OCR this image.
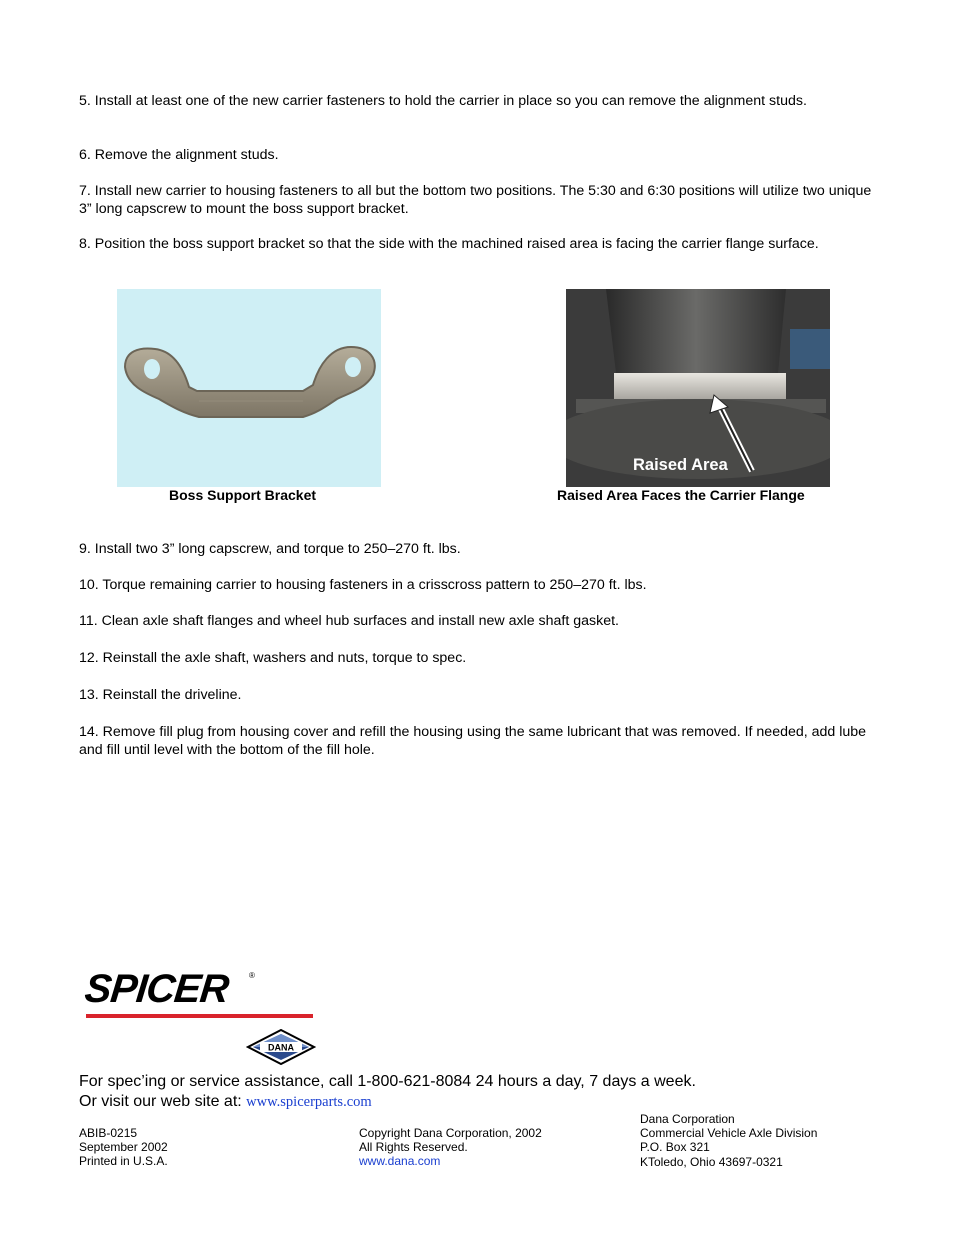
5. Install at least one of the new carrier fasteners to hold the carrier in place so you can remove the alignment studs.
6. Remove the alignment studs.
7. Install new carrier to housing fasteners to all but the bottom two positions. The 5:30 and 6:30 positions will utilize two unique 3” long capscrew to mount the boss support bracket.
8. Position the boss support bracket so that the side with the machined raised area is facing the carrier flange surface.
Boss Support Bracket
Raised Area
Raised Area Faces the Carrier Flange
9. Install two 3” long capscrew, and torque to 250–270 ft. lbs.
10. Torque remaining carrier to housing fasteners in a crisscross pattern to 250–270 ft. lbs.
11. Clean axle shaft flanges and wheel hub surfaces and install new axle shaft gasket.
12. Reinstall the axle shaft, washers and nuts, torque to spec.
13. Reinstall the driveline.
14. Remove fill plug from housing cover and refill the housing using the same lubricant that was removed. If needed, add lube and fill until level with the bottom of the fill hole.
SPICER ®
DANA
For spec’ing or service assistance, call 1-800-621-8084 24 hours a day, 7 days a week.
Or visit our web site at: www.spicerparts.com
ABIB-0215
September 2002
Printed in U.S.A.
Copyright Dana Corporation, 2002
All Rights Reserved.
www.dana.com
Dana Corporation
Commercial Vehicle Axle Division
P.O. Box 321
KToledo, Ohio 43697-0321
